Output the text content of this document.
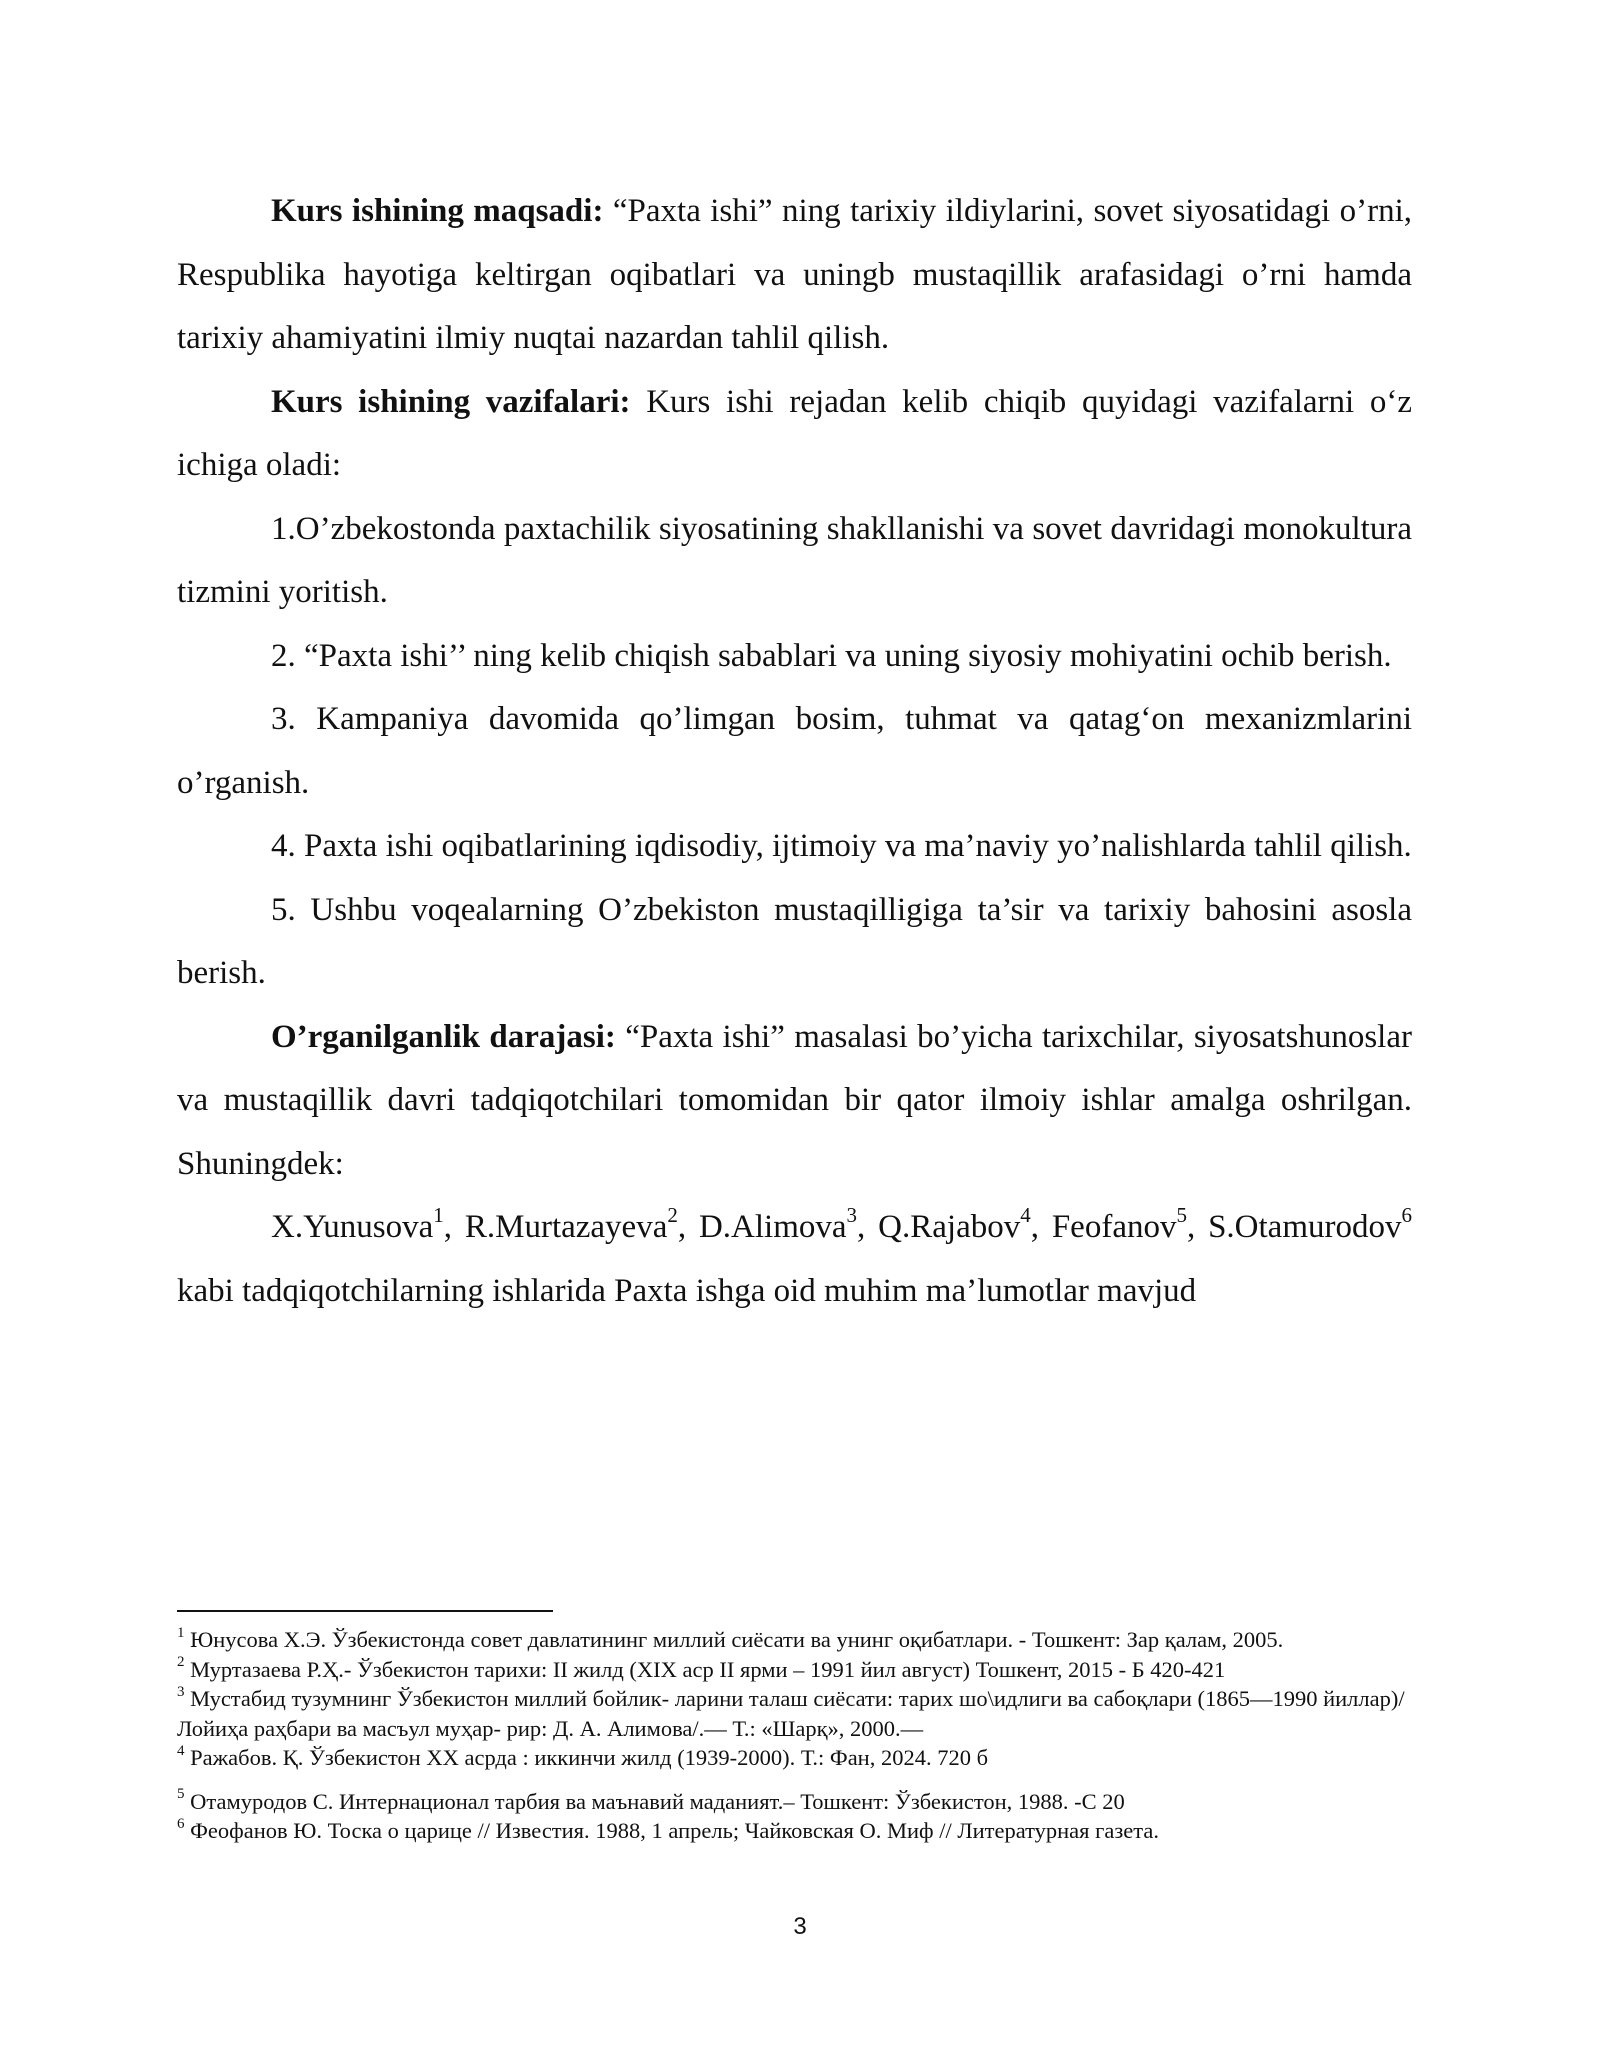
Kurs ishining maqsadi: “Paxta ishi” ning tarixiy ildiylarini, sovet siyosatidagi o’rni, Respublika hayotiga keltirgan oqibatlari va uningb mustaqillik arafasidagi o’rni hamda tarixiy ahamiyatini ilmiy nuqtai nazardan tahlil qilish.

Kurs ishining vazifalari: Kurs ishi rejadan kelib chiqib quyidagi vazifalarni o‘z ichiga oladi:

1.O’zbekostonda paxtachilik siyosatining shakllanishi va sovet davridagi monokultura tizmini yoritish.

2. “Paxta ishi’’ ning kelib chiqish sabablari va uning siyosiy mohiyatini ochib berish.

3. Kampaniya davomida qo’limgan bosim, tuhmat va qatag‘on mexanizmlarini o’rganish.

4. Paxta ishi oqibatlarining iqdisodiy, ijtimoiy va ma’naviy yo’nalishlarda tahlil qilish.

5. Ushbu voqealarning O’zbekiston mustaqilligiga ta’sir va tarixiy bahosini asosla berish.

O’rganilganlik darajasi: “Paxta ishi” masalasi bo’yicha tarixchilar, siyosatshunoslar va mustaqillik davri tadqiqotchilari tomomidan bir qator ilmoiy ishlar amalga oshrilgan. Shuningdek:

X.Yunusova$^1$, R.Murtazayeva$^2$, D.Alimova$^3$, Q.Rajabov$^4$, Feofanov$^5$, S.Otamurodov$^6$ kabi tadqiqotchilarning ishlarida Paxta ishga oid muhim ma’lumotlar mavjud

$^1$ Юнусова Х.Э. Ўзбекистонда совет давлатининг миллий сиёсати ва унинг оқибатлари. - Тошкент: Зар қалам, 2005.

$^2$ Муртазаева Р.Ҳ.- Ўзбекистон тарихи: II жилд (XIX аср II ярми – 1991 йил август) Тошкент, 2015 - Б 420-421

$^3$ Мустабид тузумнинг Ўзбекистон миллий бойлик- ларини талаш сиёсати: тарих шо\идлиги ва сабоқлари (1865—1990 йиллар)/Лойиҳа раҳбари ва масъул муҳар- рир: Д. А. Алимова/.— Т.: «Шарқ», 2000.—

$^4$ Ражабов. Қ. Ўзбекистон XX асрда : иккинчи жилд (1939-2000). Т.: Фан, 2024. 720 б

$^5$ Отамуродов С. Интернационал тарбия ва маънавий маданият.– Тошкент: Ўзбекистон, 1988. -С 20

$^6$ Феофанов Ю. Тоска о царице // Известия. 1988, 1 апрель; Чайковская О. Миф // Литературная газета.

3
